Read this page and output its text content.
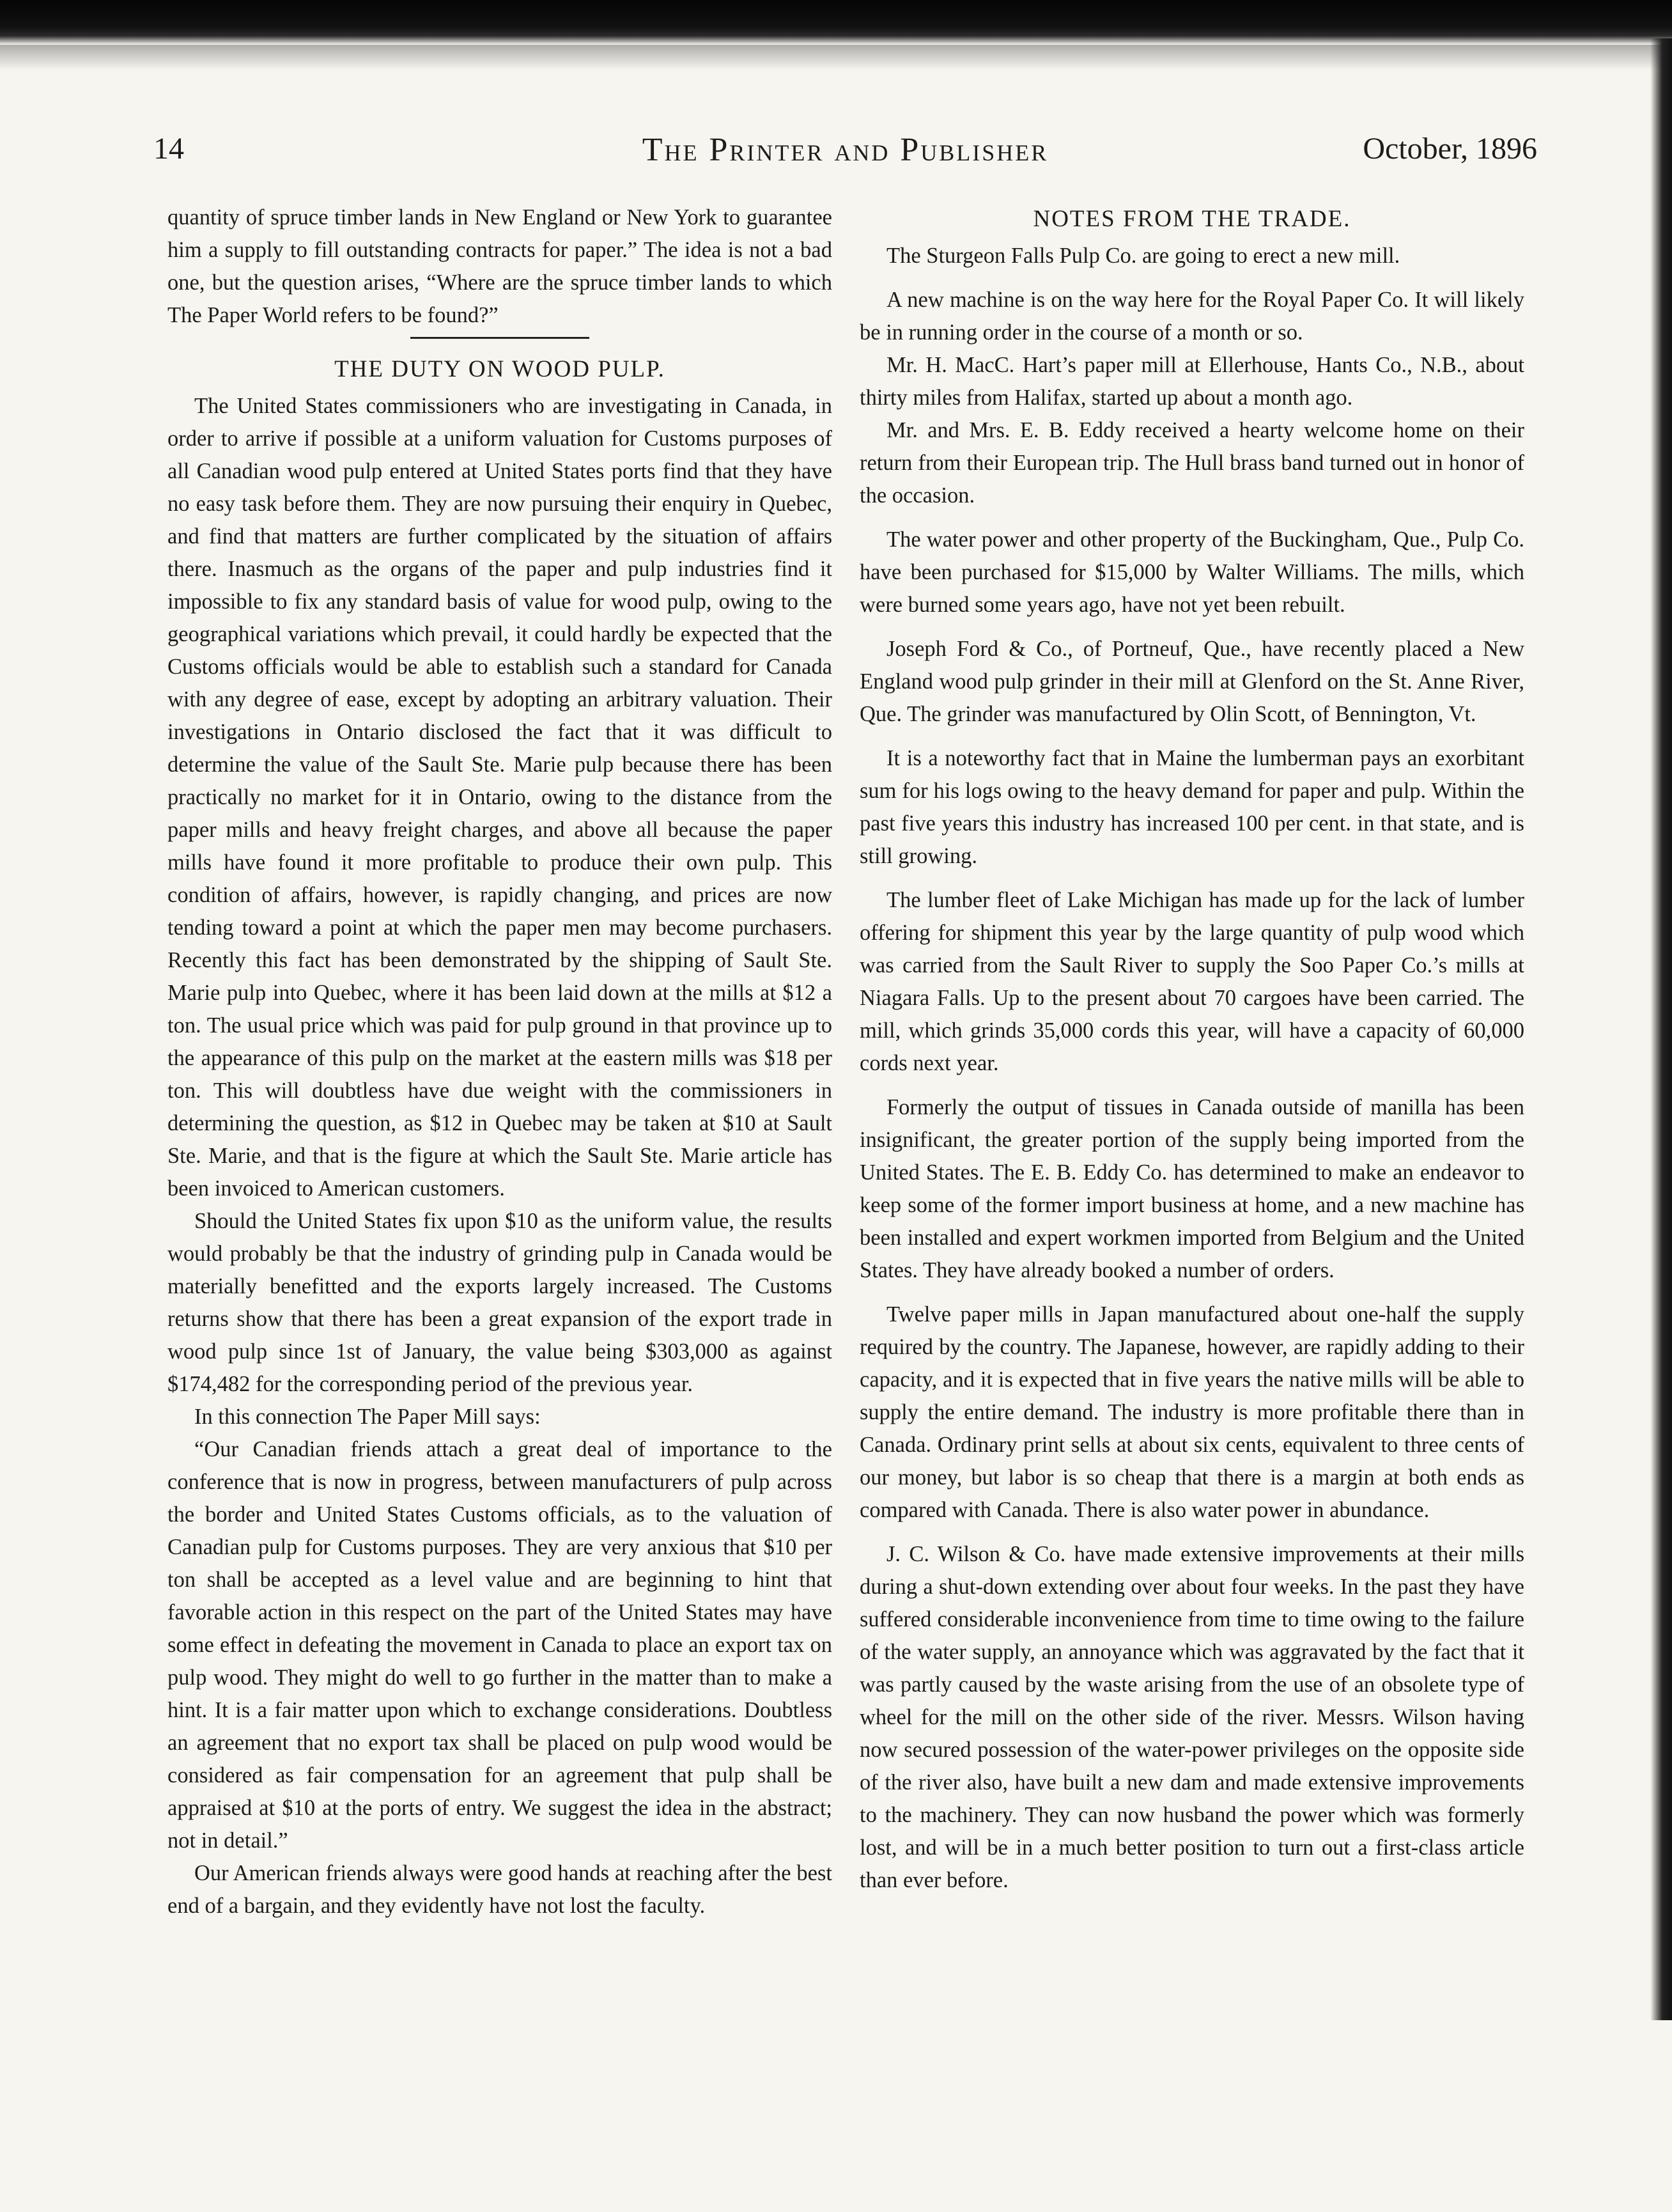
14	The Printer and Publisher	October, 1896

quantity of spruce timber lands in New England or New York to guarantee him a supply to fill outstanding contracts for paper.” The idea is not a bad one, but the question arises, “Where are the spruce timber lands to which The Paper World refers to be found?”

THE DUTY ON WOOD PULP.

The United States commissioners who are investigating in Canada, in order to arrive if possible at a uniform valuation for Customs purposes of all Canadian wood pulp entered at United States ports find that they have no easy task before them. They are now pursuing their enquiry in Quebec, and find that matters are further complicated by the situation of affairs there. Inasmuch as the organs of the paper and pulp industries find it impossible to fix any standard basis of value for wood pulp, owing to the geographical variations which prevail, it could hardly be expected that the Customs officials would be able to establish such a standard for Canada with any degree of ease, except by adopting an arbitrary valuation. Their investigations in Ontario disclosed the fact that it was difficult to determine the value of the Sault Ste. Marie pulp because there has been practically no market for it in Ontario, owing to the distance from the paper mills and heavy freight charges, and above all because the paper mills have found it more profitable to produce their own pulp. This condition of affairs, however, is rapidly changing, and prices are now tending toward a point at which the paper men may become purchasers. Recently this fact has been demonstrated by the shipping of Sault Ste. Marie pulp into Quebec, where it has been laid down at the mills at $12 a ton. The usual price which was paid for pulp ground in that province up to the appearance of this pulp on the market at the eastern mills was $18 per ton. This will doubtless have due weight with the commissioners in determining the question, as $12 in Quebec may be taken at $10 at Sault Ste. Marie, and that is the figure at which the Sault Ste. Marie article has been invoiced to American customers.

Should the United States fix upon $10 as the uniform value, the results would probably be that the industry of grinding pulp in Canada would be materially benefitted and the exports largely increased. The Customs returns show that there has been a great expansion of the export trade in wood pulp since 1st of January, the value being $303,000 as against $174,482 for the corresponding period of the previous year.

In this connection The Paper Mill says:

“Our Canadian friends attach a great deal of importance to the conference that is now in progress, between manufacturers of pulp across the border and United States Customs officials, as to the valuation of Canadian pulp for Customs purposes. They are very anxious that $10 per ton shall be accepted as a level value and are beginning to hint that favorable action in this respect on the part of the United States may have some effect in defeating the movement in Canada to place an export tax on pulp wood. They might do well to go further in the matter than to make a hint. It is a fair matter upon which to exchange considerations. Doubtless an agreement that no export tax shall be placed on pulp wood would be considered as fair compensation for an agreement that pulp shall be appraised at $10 at the ports of entry. We suggest the idea in the abstract; not in detail.”

Our American friends always were good hands at reaching after the best end of a bargain, and they evidently have not lost the faculty.

NOTES FROM THE TRADE.

The Sturgeon Falls Pulp Co. are going to erect a new mill.

A new machine is on the way here for the Royal Paper Co. It will likely be in running order in the course of a month or so.

Mr. H. MacC. Hart’s paper mill at Ellerhouse, Hants Co., N.B., about thirty miles from Halifax, started up about a month ago.

Mr. and Mrs. E. B. Eddy received a hearty welcome home on their return from their European trip. The Hull brass band turned out in honor of the occasion.

The water power and other property of the Buckingham, Que., Pulp Co. have been purchased for $15,000 by Walter Williams. The mills, which were burned some years ago, have not yet been rebuilt.

Joseph Ford & Co., of Portneuf, Que., have recently placed a New England wood pulp grinder in their mill at Glenford on the St. Anne River, Que. The grinder was manufactured by Olin Scott, of Bennington, Vt.

It is a noteworthy fact that in Maine the lumberman pays an exorbitant sum for his logs owing to the heavy demand for paper and pulp. Within the past five years this industry has increased 100 per cent. in that state, and is still growing.

The lumber fleet of Lake Michigan has made up for the lack of lumber offering for shipment this year by the large quantity of pulp wood which was carried from the Sault River to supply the Soo Paper Co.’s mills at Niagara Falls. Up to the present about 70 cargoes have been carried. The mill, which grinds 35,000 cords this year, will have a capacity of 60,000 cords next year.

Formerly the output of tissues in Canada outside of manilla has been insignificant, the greater portion of the supply being imported from the United States. The E. B. Eddy Co. has determined to make an endeavor to keep some of the former import business at home, and a new machine has been installed and expert workmen imported from Belgium and the United States. They have already booked a number of orders.

Twelve paper mills in Japan manufactured about one-half the supply required by the country. The Japanese, however, are rapidly adding to their capacity, and it is expected that in five years the native mills will be able to supply the entire demand. The industry is more profitable there than in Canada. Ordinary print sells at about six cents, equivalent to three cents of our money, but labor is so cheap that there is a margin at both ends as compared with Canada. There is also water power in abundance.

J. C. Wilson & Co. have made extensive improvements at their mills during a shut-down extending over about four weeks. In the past they have suffered considerable inconvenience from time to time owing to the failure of the water supply, an annoyance which was aggravated by the fact that it was partly caused by the waste arising from the use of an obsolete type of wheel for the mill on the other side of the river. Messrs. Wilson having now secured possession of the water-power privileges on the opposite side of the river also, have built a new dam and made extensive improvements to the machinery. They can now husband the power which was formerly lost, and will be in a much better position to turn out a first-class article than ever before.
